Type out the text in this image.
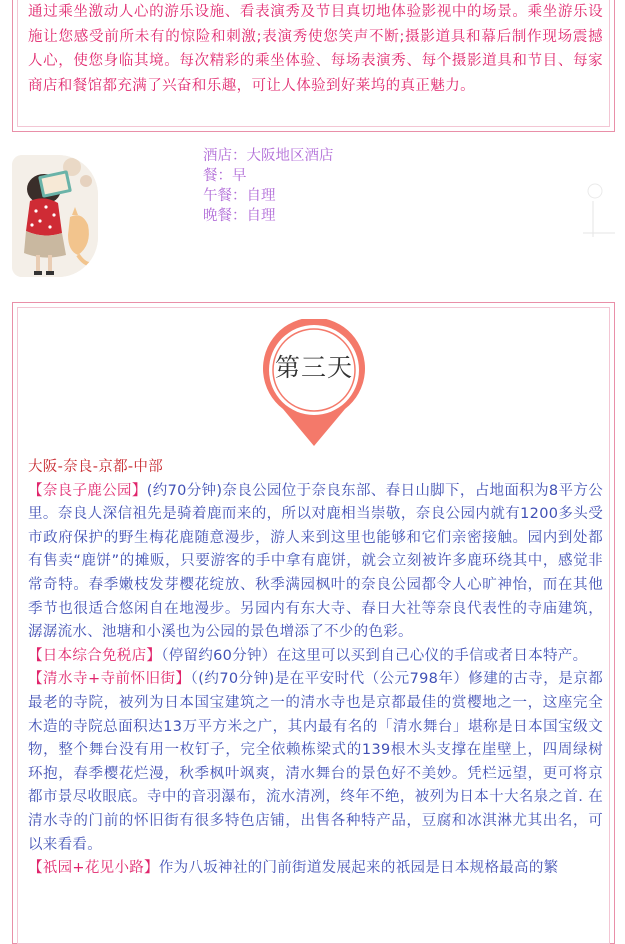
通过乘坐激动人心的游乐设施、看表演秀及节目真切地体验影视中的场景。乘坐游乐设施让您感受前所未有的惊险和刺激;表演秀使您笑声不断;摄影道具和幕后制作现场震撼人心，使您身临其境。每次精彩的乘坐体验、每场表演秀、每个摄影道具和节目、每家商店和餐馆都充满了兴奋和乐趣，可让人体验到好莱坞的真正魅力。
酒店：大阪地区酒店
餐：早
午餐：自理
晚餐：自理
第三天

大阪-奈良-京都-中部

【奈良子鹿公园】(约70分钟)奈良公园位于奈良东部、春日山脚下，占地面积为8平方公里。奈良人深信祖先是骑着鹿而来的，所以对鹿相当崇敬，奈良公园内就有1200多头受市政府保护的野生梅花鹿随意漫步，游人来到这里也能够和它们亲密接触。园内到处都有售卖“鹿饼”的摊贩，只要游客的手中拿有鹿饼，就会立刻被许多鹿环绕其中，感觉非常奇特。春季嫩枝发芽樱花绽放、秋季满园枫叶的奈良公园都令人心旷神怡，而在其他季节也很适合悠闲自在地漫步。另园内有东大寺、春日大社等奈良代表性的寺庙建筑，潺潺流水、池塘和小溪也为公园的景色增添了不少的色彩。

【日本综合免税店】（停留约60分钟）在这里可以买到自己心仪的手信或者日本特产。

【清水寺+寺前怀旧街】（(约70分钟)是在平安时代（公元798年）修建的古寺，是京都最老的寺院，被列为日本国宝建筑之一的清水寺也是京都最佳的赏樱地之一，这座完全木造的寺院总面积达13万平方米之广，其内最有名的「清水舞台」堪称是日本国宝级文物，整个舞台没有用一枚钉子，完全依赖栋梁式的139根木头支撑在崖壁上，四周绿树环抱，春季樱花烂漫，秋季枫叶飒爽，清水舞台的景色好不美妙。凭栏远望，更可将京都市景尽收眼底。寺中的音羽瀑布，流水清冽，终年不绝，被列为日本十大名泉之首. 在清水寺的门前的怀旧街有很多特色店铺，出售各种特产品，豆腐和冰淇淋尤其出名，可以来看看。

【祇园+花见小路】作为八坂神社的门前街道发展起来的祇园是日本规格最高的繁
